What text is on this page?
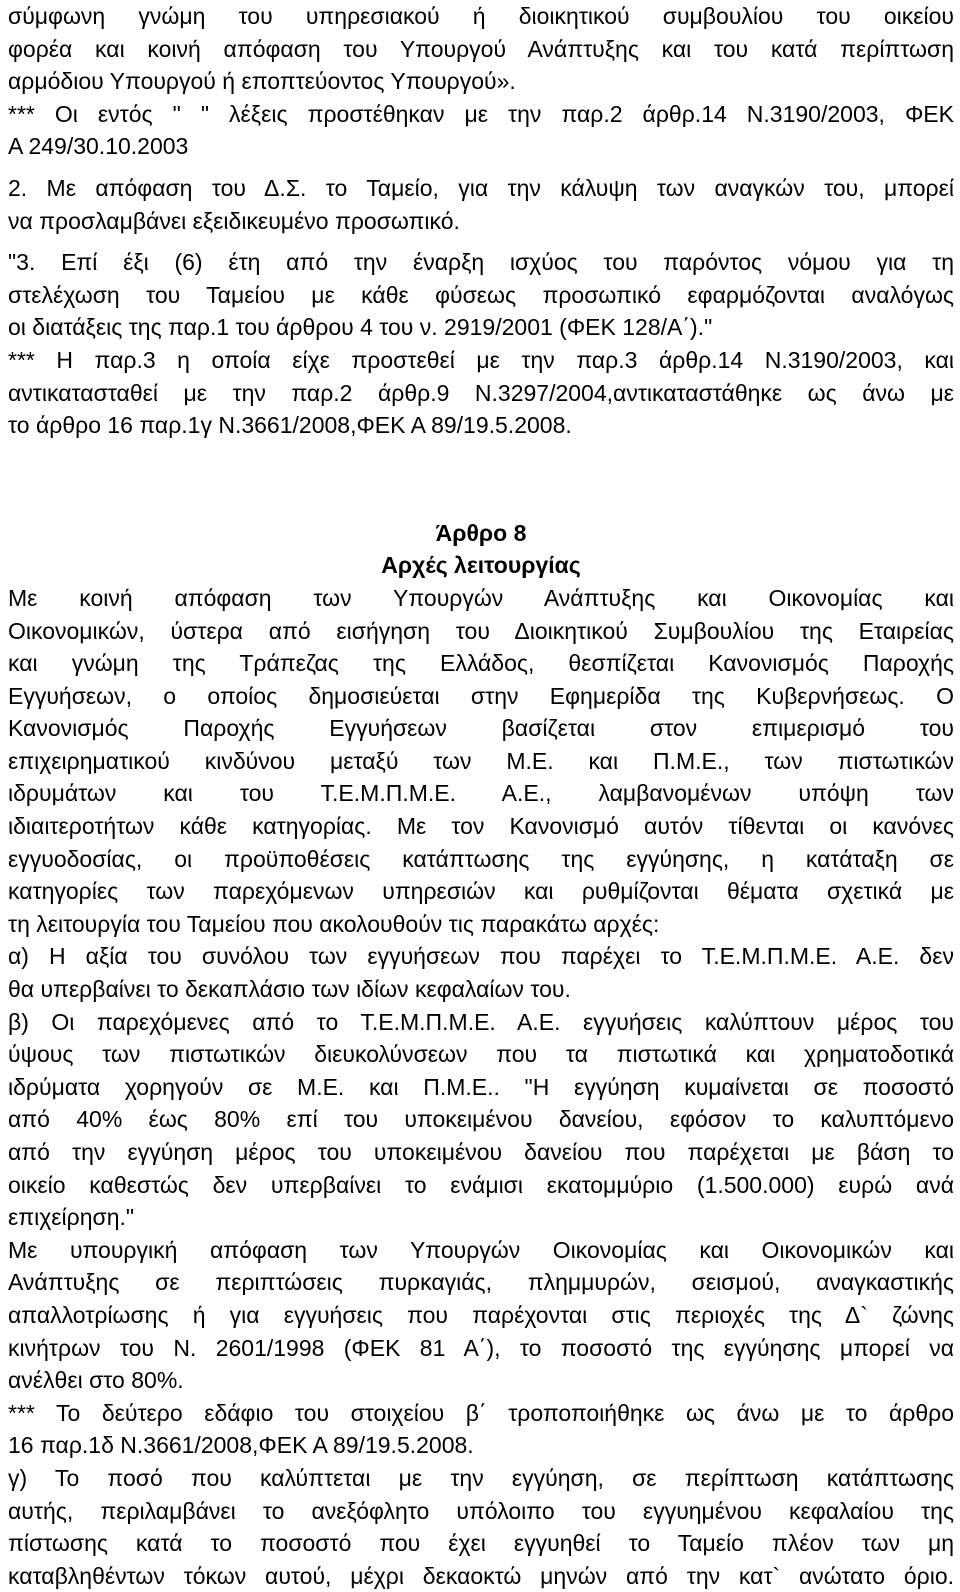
σύμφωνη γνώμη του υπηρεσιακού ή διοικητικού συμβουλίου του οικείου
φορέα και κοινή απόφαση του Υπουργού Ανάπτυξης και του κατά περίπτωση
αρμόδιου Υπουργού ή εποπτεύοντος Υπουργού».
*** Οι εντός " " λέξεις προστέθηκαν με την παρ.2 άρθρ.14 Ν.3190/2003, ΦΕΚ
Α 249/30.10.2003
2. Με απόφαση του Δ.Σ. το Ταμείο, για την κάλυψη των αναγκών του, μπορεί
να προσλαμβάνει εξειδικευμένο προσωπικό.
"3. Επί έξι (6) έτη από την έναρξη ισχύος του παρόντος νόμου για τη
στελέχωση του Ταμείου με κάθε φύσεως προσωπικό εφαρμόζονται αναλόγως
οι διατάξεις της παρ.1 του άρθρου 4 του ν. 2919/2001 (ΦΕΚ 128/Α΄)."
*** Η παρ.3 η οποία είχε προστεθεί με την παρ.3 άρθρ.14 Ν.3190/2003, και
αντικατασταθεί με την παρ.2 άρθρ.9 Ν.3297/2004,αντικαταστάθηκε ως άνω με
το άρθρο 16 παρ.1γ Ν.3661/2008,ΦΕΚ Α 89/19.5.2008.
Άρθρο 8
Αρχές λειτουργίας
Με κοινή απόφαση των Υπουργών Ανάπτυξης και Οικονομίας και
Οικονομικών, ύστερα από εισήγηση του Διοικητικού Συμβουλίου της Εταιρείας
και γνώμη της Τράπεζας της Ελλάδος, θεσπίζεται Κανονισμός Παροχής
Εγγυήσεων, ο οποίος δημοσιεύεται στην Εφημερίδα της Κυβερνήσεως. Ο
Κανονισμός Παροχής Εγγυήσεων βασίζεται στον επιμερισμό του
επιχειρηματικού κινδύνου μεταξύ των Μ.Ε. και Π.Μ.Ε., των πιστωτικών
ιδρυμάτων και του Τ.Ε.Μ.Π.Μ.Ε. Α.Ε., λαμβανομένων υπόψη των
ιδιαιτεροτήτων κάθε κατηγορίας. Με τον Κανονισμό αυτόν τίθενται οι κανόνες
εγγυοδοσίας, οι προϋποθέσεις κατάπτωσης της εγγύησης, η κατάταξη σε
κατηγορίες των παρεχόμενων υπηρεσιών και ρυθμίζονται θέματα σχετικά με
τη λειτουργία του Ταμείου που ακολουθούν τις παρακάτω αρχές:
α) Η αξία του συνόλου των εγγυήσεων που παρέχει το Τ.Ε.Μ.Π.Μ.Ε. Α.Ε. δεν
θα υπερβαίνει το δεκαπλάσιο των ιδίων κεφαλαίων του.
β) Οι παρεχόμενες από το Τ.Ε.Μ.Π.Μ.Ε. Α.Ε. εγγυήσεις καλύπτουν μέρος του
ύψους των πιστωτικών διευκολύνσεων που τα πιστωτικά και χρηματοδοτικά
ιδρύματα χορηγούν σε Μ.Ε. και Π.Μ.Ε.. "Η εγγύηση κυμαίνεται σε ποσοστό
από 40% έως 80% επί του υποκειμένου δανείου, εφόσον το καλυπτόμενο
από την εγγύηση μέρος του υποκειμένου δανείου που παρέχεται με βάση το
οικείο καθεστώς δεν υπερβαίνει το ενάμισι εκατομμύριο (1.500.000) ευρώ ανά
επιχείρηση."
Με υπουργική απόφαση των Υπουργών Οικονομίας και Οικονομικών και
Ανάπτυξης σε περιπτώσεις πυρκαγιάς, πλημμυρών, σεισμού, αναγκαστικής
απαλλοτρίωσης ή για εγγυήσεις που παρέχονται στις περιοχές της Δ` ζώνης
κινήτρων του Ν. 2601/1998 (ΦΕΚ 81 Α΄), το ποσοστό της εγγύησης μπορεί να
ανέλθει στο 80%.
*** Το δεύτερο εδάφιο του στοιχείου β΄ τροποποιήθηκε ως άνω με το άρθρο
16 παρ.1δ Ν.3661/2008,ΦΕΚ Α 89/19.5.2008.
γ) Το ποσό που καλύπτεται με την εγγύηση, σε περίπτωση κατάπτωσης
αυτής, περιλαμβάνει το ανεξόφλητο υπόλοιπο του εγγυημένου κεφαλαίου της
πίστωσης κατά το ποσοστό που έχει εγγυηθεί το Ταμείο πλέον των μη
καταβληθέντων τόκων αυτού, μέχρι δεκαοκτώ μηνών από την κατ` ανώτατο όριο.
